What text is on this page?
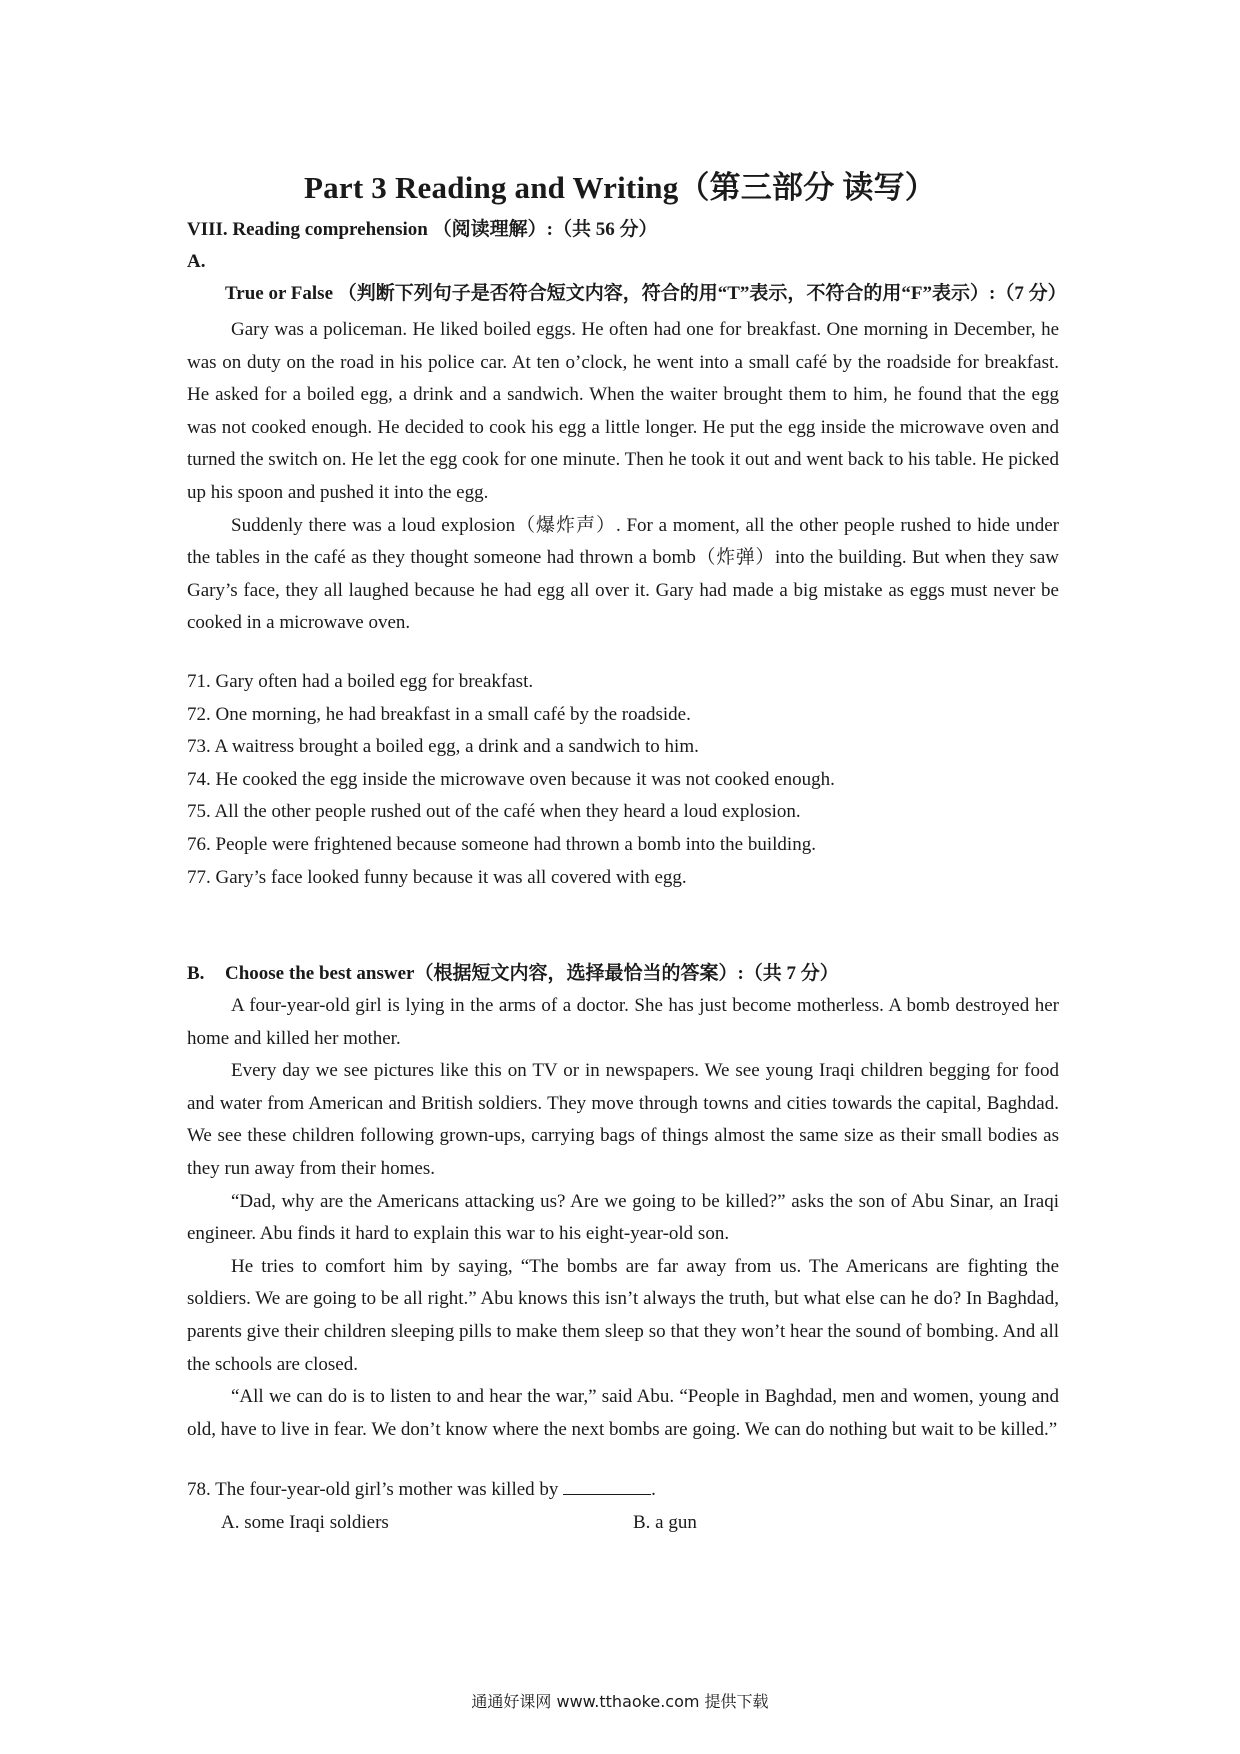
Part 3 Reading and Writing（第三部分 读写）
VIII. Reading comprehension （阅读理解）:（共 56 分）
A.True or False （判断下列句子是否符合短文内容，符合的用“T”表示，不符合的用“F”表示）:（7 分）

Gary was a policeman. He liked boiled eggs. He often had one for breakfast. One morning in December, he was on duty on the road in his police car. At ten o’clock, he went into a small café by the roadside for breakfast. He asked for a boiled egg, a drink and a sandwich. When the waiter brought them to him, he found that the egg was not cooked enough. He decided to cook his egg a little longer. He put the egg inside the microwave oven and turned the switch on. He let the egg cook for one minute. Then he took it out and went back to his table. He picked up his spoon and pushed it into the egg.

Suddenly there was a loud explosion（爆炸声）. For a moment, all the other people rushed to hide under the tables in the café as they thought someone had thrown a bomb（炸弹）into the building. But when they saw Gary’s face, they all laughed because he had egg all over it. Gary had made a big mistake as eggs must never be cooked in a microwave oven.

71. Gary often had a boiled egg for breakfast.
72. One morning, he had breakfast in a small café by the roadside.
73. A waitress brought a boiled egg, a drink and a sandwich to him.
74. He cooked the egg inside the microwave oven because it was not cooked enough.
75. All the other people rushed out of the café when they heard a loud explosion.
76. People were frightened because someone had thrown a bomb into the building.
77. Gary’s face looked funny because it was all covered with egg.
B. Choose the best answer（根据短文内容，选择最恰当的答案）:（共 7 分）

A four-year-old girl is lying in the arms of a doctor. She has just become motherless. A bomb destroyed her home and killed her mother.

Every day we see pictures like this on TV or in newspapers. We see young Iraqi children begging for food and water from American and British soldiers. They move through towns and cities towards the capital, Baghdad. We see these children following grown-ups, carrying bags of things almost the same size as their small bodies as they run away from their homes.

“Dad, why are the Americans attacking us? Are we going to be killed?” asks the son of Abu Sinar, an Iraqi engineer. Abu finds it hard to explain this war to his eight-year-old son.

He tries to comfort him by saying, “The bombs are far away from us. The Americans are fighting the soldiers. We are going to be all right.” Abu knows this isn’t always the truth, but what else can he do? In Baghdad, parents give their children sleeping pills to make them sleep so that they won’t hear the sound of bombing. And all the schools are closed.

“All we can do is to listen to and hear the war,” said Abu. “People in Baghdad, men and women, young and old, have to live in fear. We don’t know where the next bombs are going. We can do nothing but wait to be killed.”

78. The four-year-old girl’s mother was killed by	.
A. some Iraqi soldiers	B. a gun
通通好课网 www.tthaoke.com 提供下载
